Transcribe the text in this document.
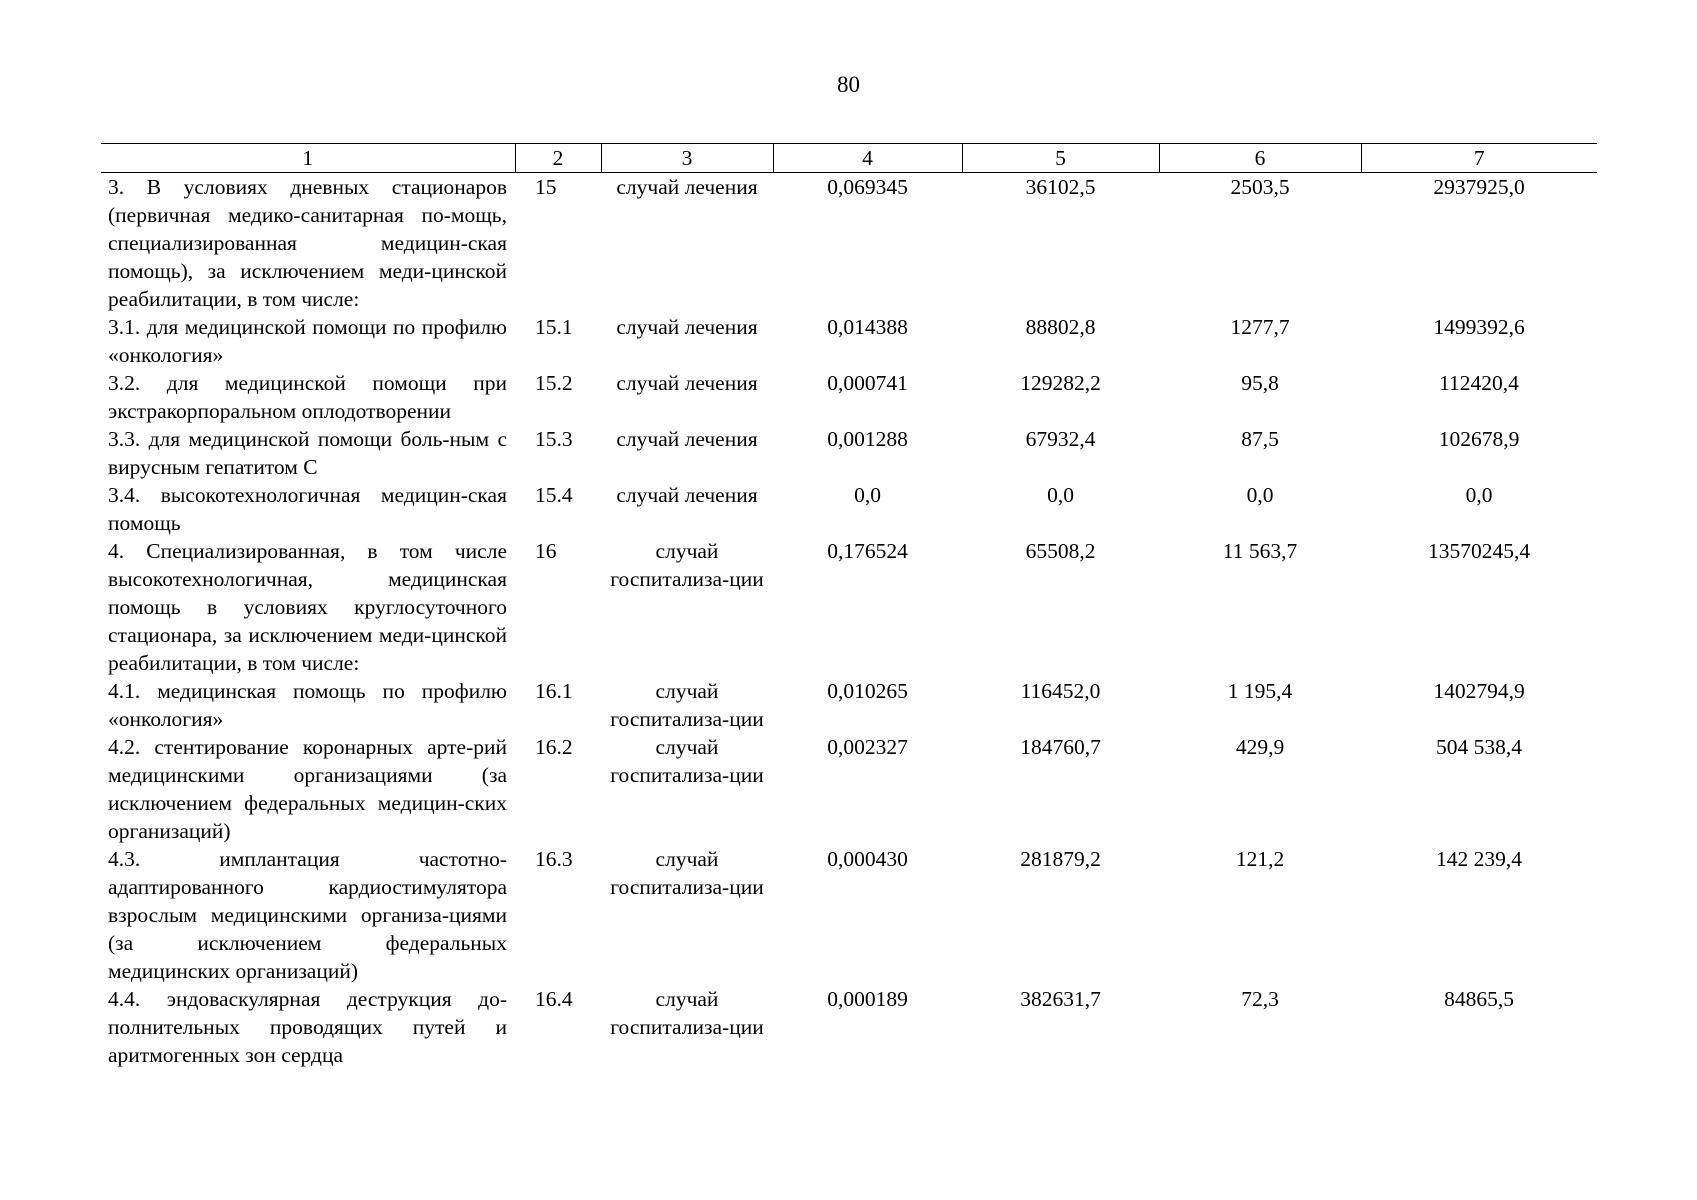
80
1	2	3	4	5	6	7
3. В условиях дневных стационаров (первичная медико-санитарная по-мощь, специализированная медицин-ская помощь), за исключением меди-цинской реабилитации, в том числе:	15	случай лечения	0,069345	36102,5	2503,5	2937925,0
3.1. для медицинской помощи по профилю «онкология»	15.1	случай лечения	0,014388	88802,8	1277,7	1499392,6
3.2. для медицинской помощи при экстракорпоральном оплодотворении	15.2	случай лечения	0,000741	129282,2	95,8	112420,4
3.3. для медицинской помощи боль-ным с вирусным гепатитом С	15.3	случай лечения	0,001288	67932,4	87,5	102678,9
3.4. высокотехнологичная медицин-ская помощь	15.4	случай лечения	0,0	0,0	0,0	0,0
4. Специализированная, в том числе высокотехнологичная, медицинская помощь в условиях круглосуточного стационара, за исключением меди-цинской реабилитации, в том числе:	16	случай госпитализа-ции	0,176524	65508,2	11 563,7	13570245,4
4.1. медицинская помощь по профилю «онкология»	16.1	случай госпитализа-ции	0,010265	116452,0	1 195,4	1402794,9
4.2. стентирование коронарных арте-рий медицинскими организациями (за исключением федеральных медицин-ских организаций)	16.2	случай госпитализа-ции	0,002327	184760,7	429,9	504 538,4
4.3. имплантация частотно-адаптированного кардиостимулятора взрослым медицинскими организа-циями (за исключением федеральных медицинских организаций)	16.3	случай госпитализа-ции	0,000430	281879,2	121,2	142 239,4
4.4. эндоваскулярная деструкция до-полнительных проводящих путей и аритмогенных зон сердца	16.4	случай госпитализа-ции	0,000189	382631,7	72,3	84865,5
